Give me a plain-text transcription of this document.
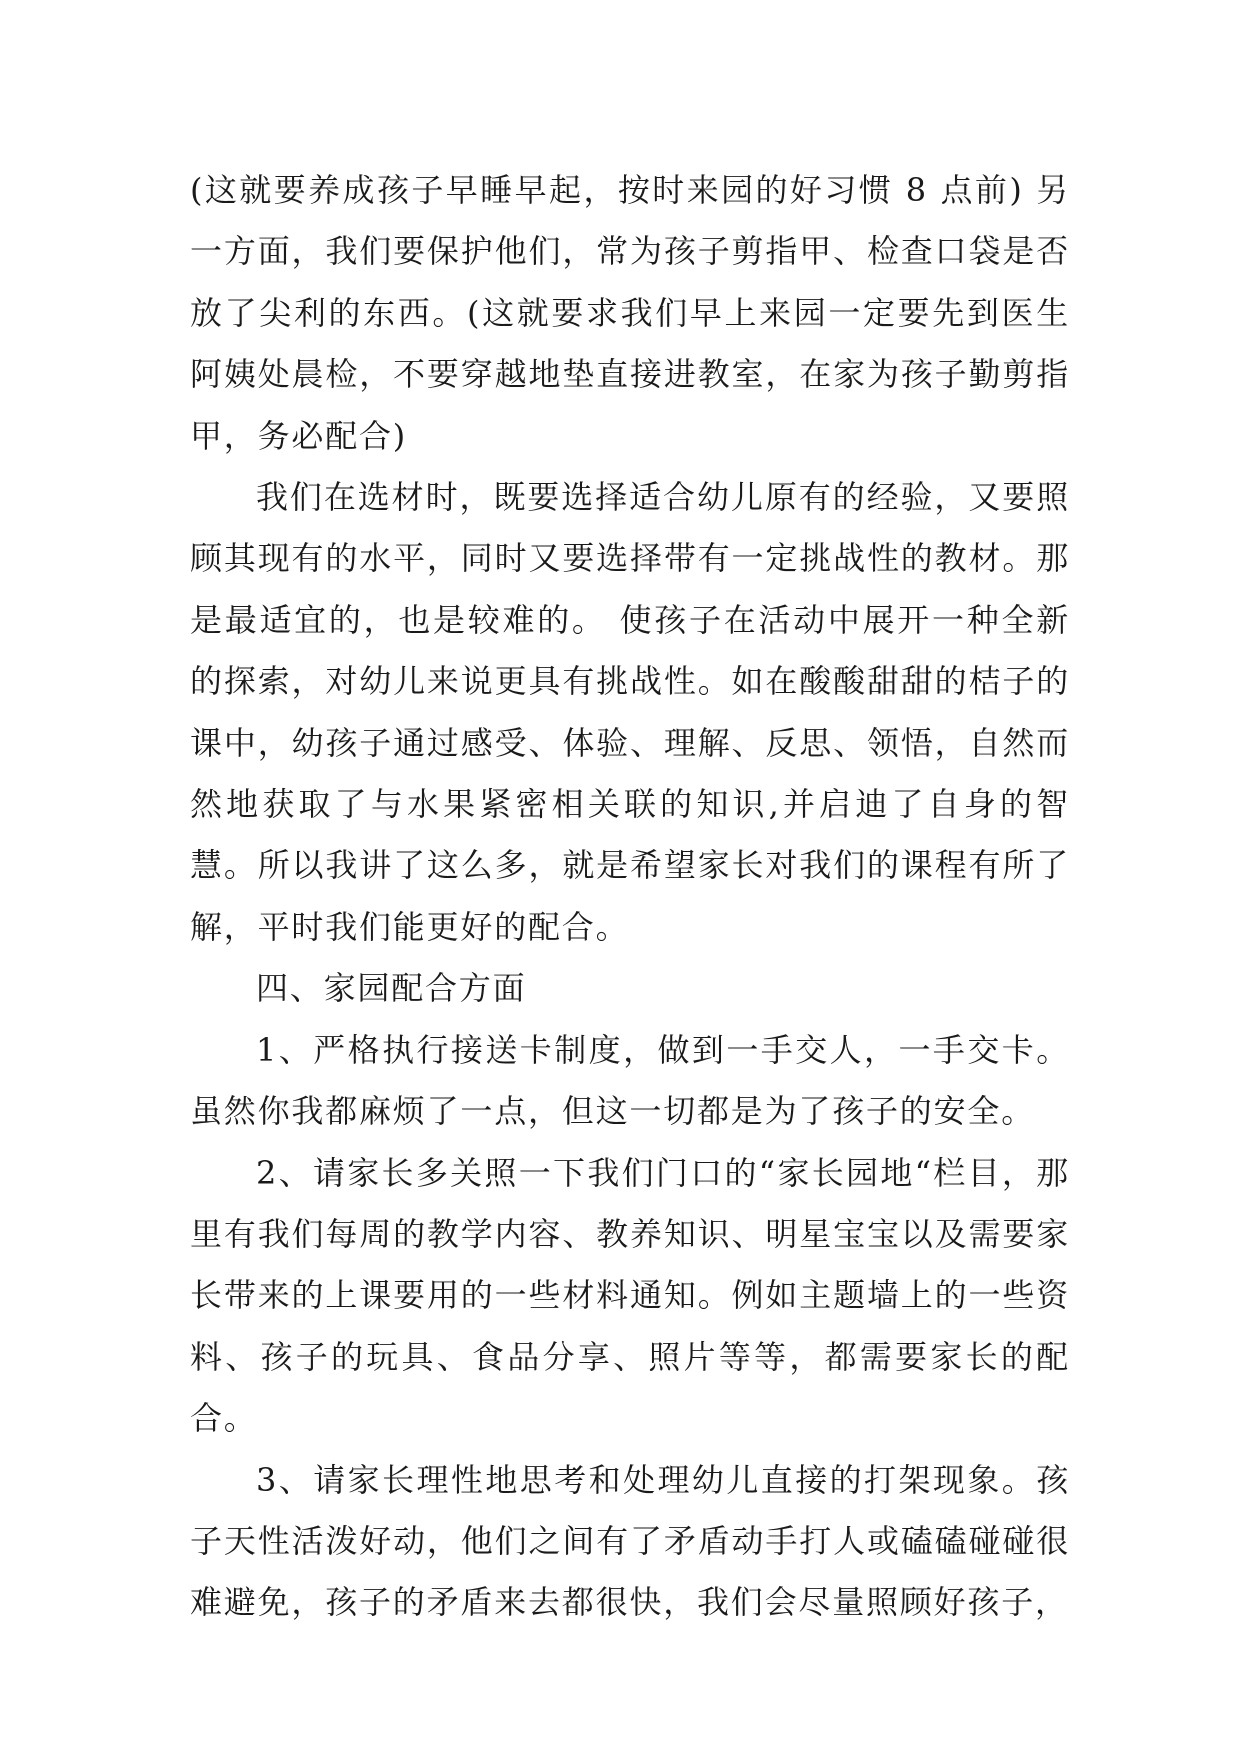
(这就要养成孩子早睡早起，按时来园的好习惯 8 点前) 另一方面，我们要保护他们，常为孩子剪指甲、检查口袋是否放了尖利的东西。(这就要求我们早上来园一定要先到医生阿姨处晨检，不要穿越地垫直接进教室，在家为孩子勤剪指甲，务必配合)

我们在选材时，既要选择适合幼儿原有的经验，又要照顾其现有的水平，同时又要选择带有一定挑战性的教材。那是最适宜的，也是较难的。 使孩子在活动中展开一种全新的探索，对幼儿来说更具有挑战性。如在酸酸甜甜的桔子的课中，幼孩子通过感受、体验、理解、反思、领悟，自然而然地获取了与水果紧密相关联的知识,并启迪了自身的智慧。所以我讲了这么多，就是希望家长对我们的课程有所了解，平时我们能更好的配合。

四、家园配合方面

1、严格执行接送卡制度，做到一手交人，一手交卡。虽然你我都麻烦了一点，但这一切都是为了孩子的安全。

2、请家长多关照一下我们门口的“家长园地“栏目，那里有我们每周的教学内容、教养知识、明星宝宝以及需要家长带来的上课要用的一些材料通知。例如主题墙上的一些资料、孩子的玩具、食品分享、照片等等，都需要家长的配合。

3、请家长理性地思考和处理幼儿直接的打架现象。孩子天性活泼好动，他们之间有了矛盾动手打人或磕磕碰碰很难避免，孩子的矛盾来去都很快，我们会尽量照顾好孩子，
